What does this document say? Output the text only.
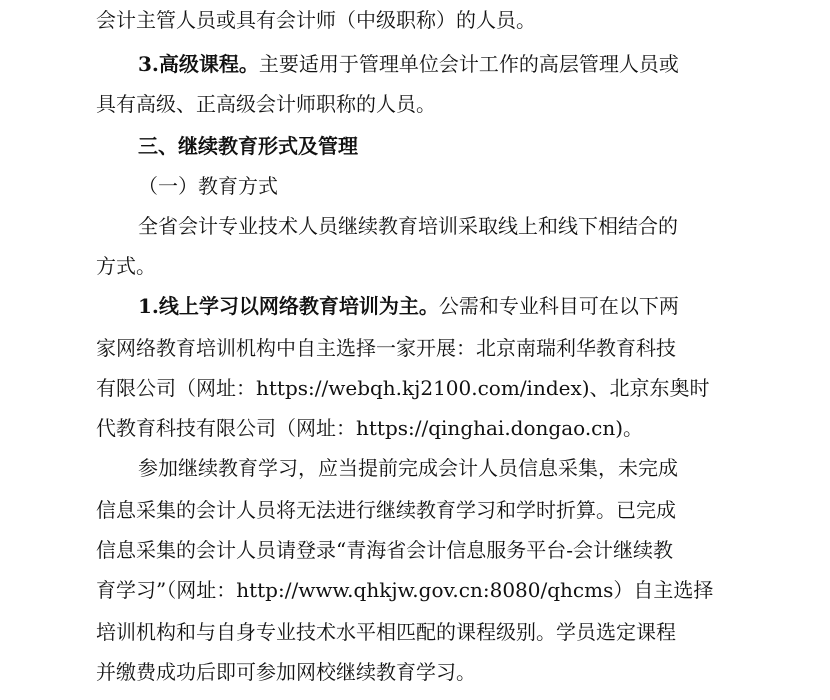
会计主管人员或具有会计师（中级职称）的人员。
3.高级课程。主要适用于管理单位会计工作的高层管理人员或
具有高级、正高级会计师职称的人员。
三、继续教育形式及管理
（一）教育方式
全省会计专业技术人员继续教育培训采取线上和线下相结合的
方式。
1.线上学习以网络教育培训为主。公需和专业科目可在以下两
家网络教育培训机构中自主选择一家开展：北京南瑞利华教育科技
有限公司（网址：https://webqh.kj2100.com/index)、北京东奥时
代教育科技有限公司（网址：https://qinghai.dongao.cn)。
参加继续教育学习，应当提前完成会计人员信息采集，未完成
信息采集的会计人员将无法进行继续教育学习和学时折算。已完成
信息采集的会计人员请登录“青海省会计信息服务平台-会计继续教
育学习”（网址：http://www.qhkjw.gov.cn:8080/qhcms）自主选择
培训机构和与自身专业技术水平相匹配的课程级别。学员选定课程
并缴费成功后即可参加网校继续教育学习。
